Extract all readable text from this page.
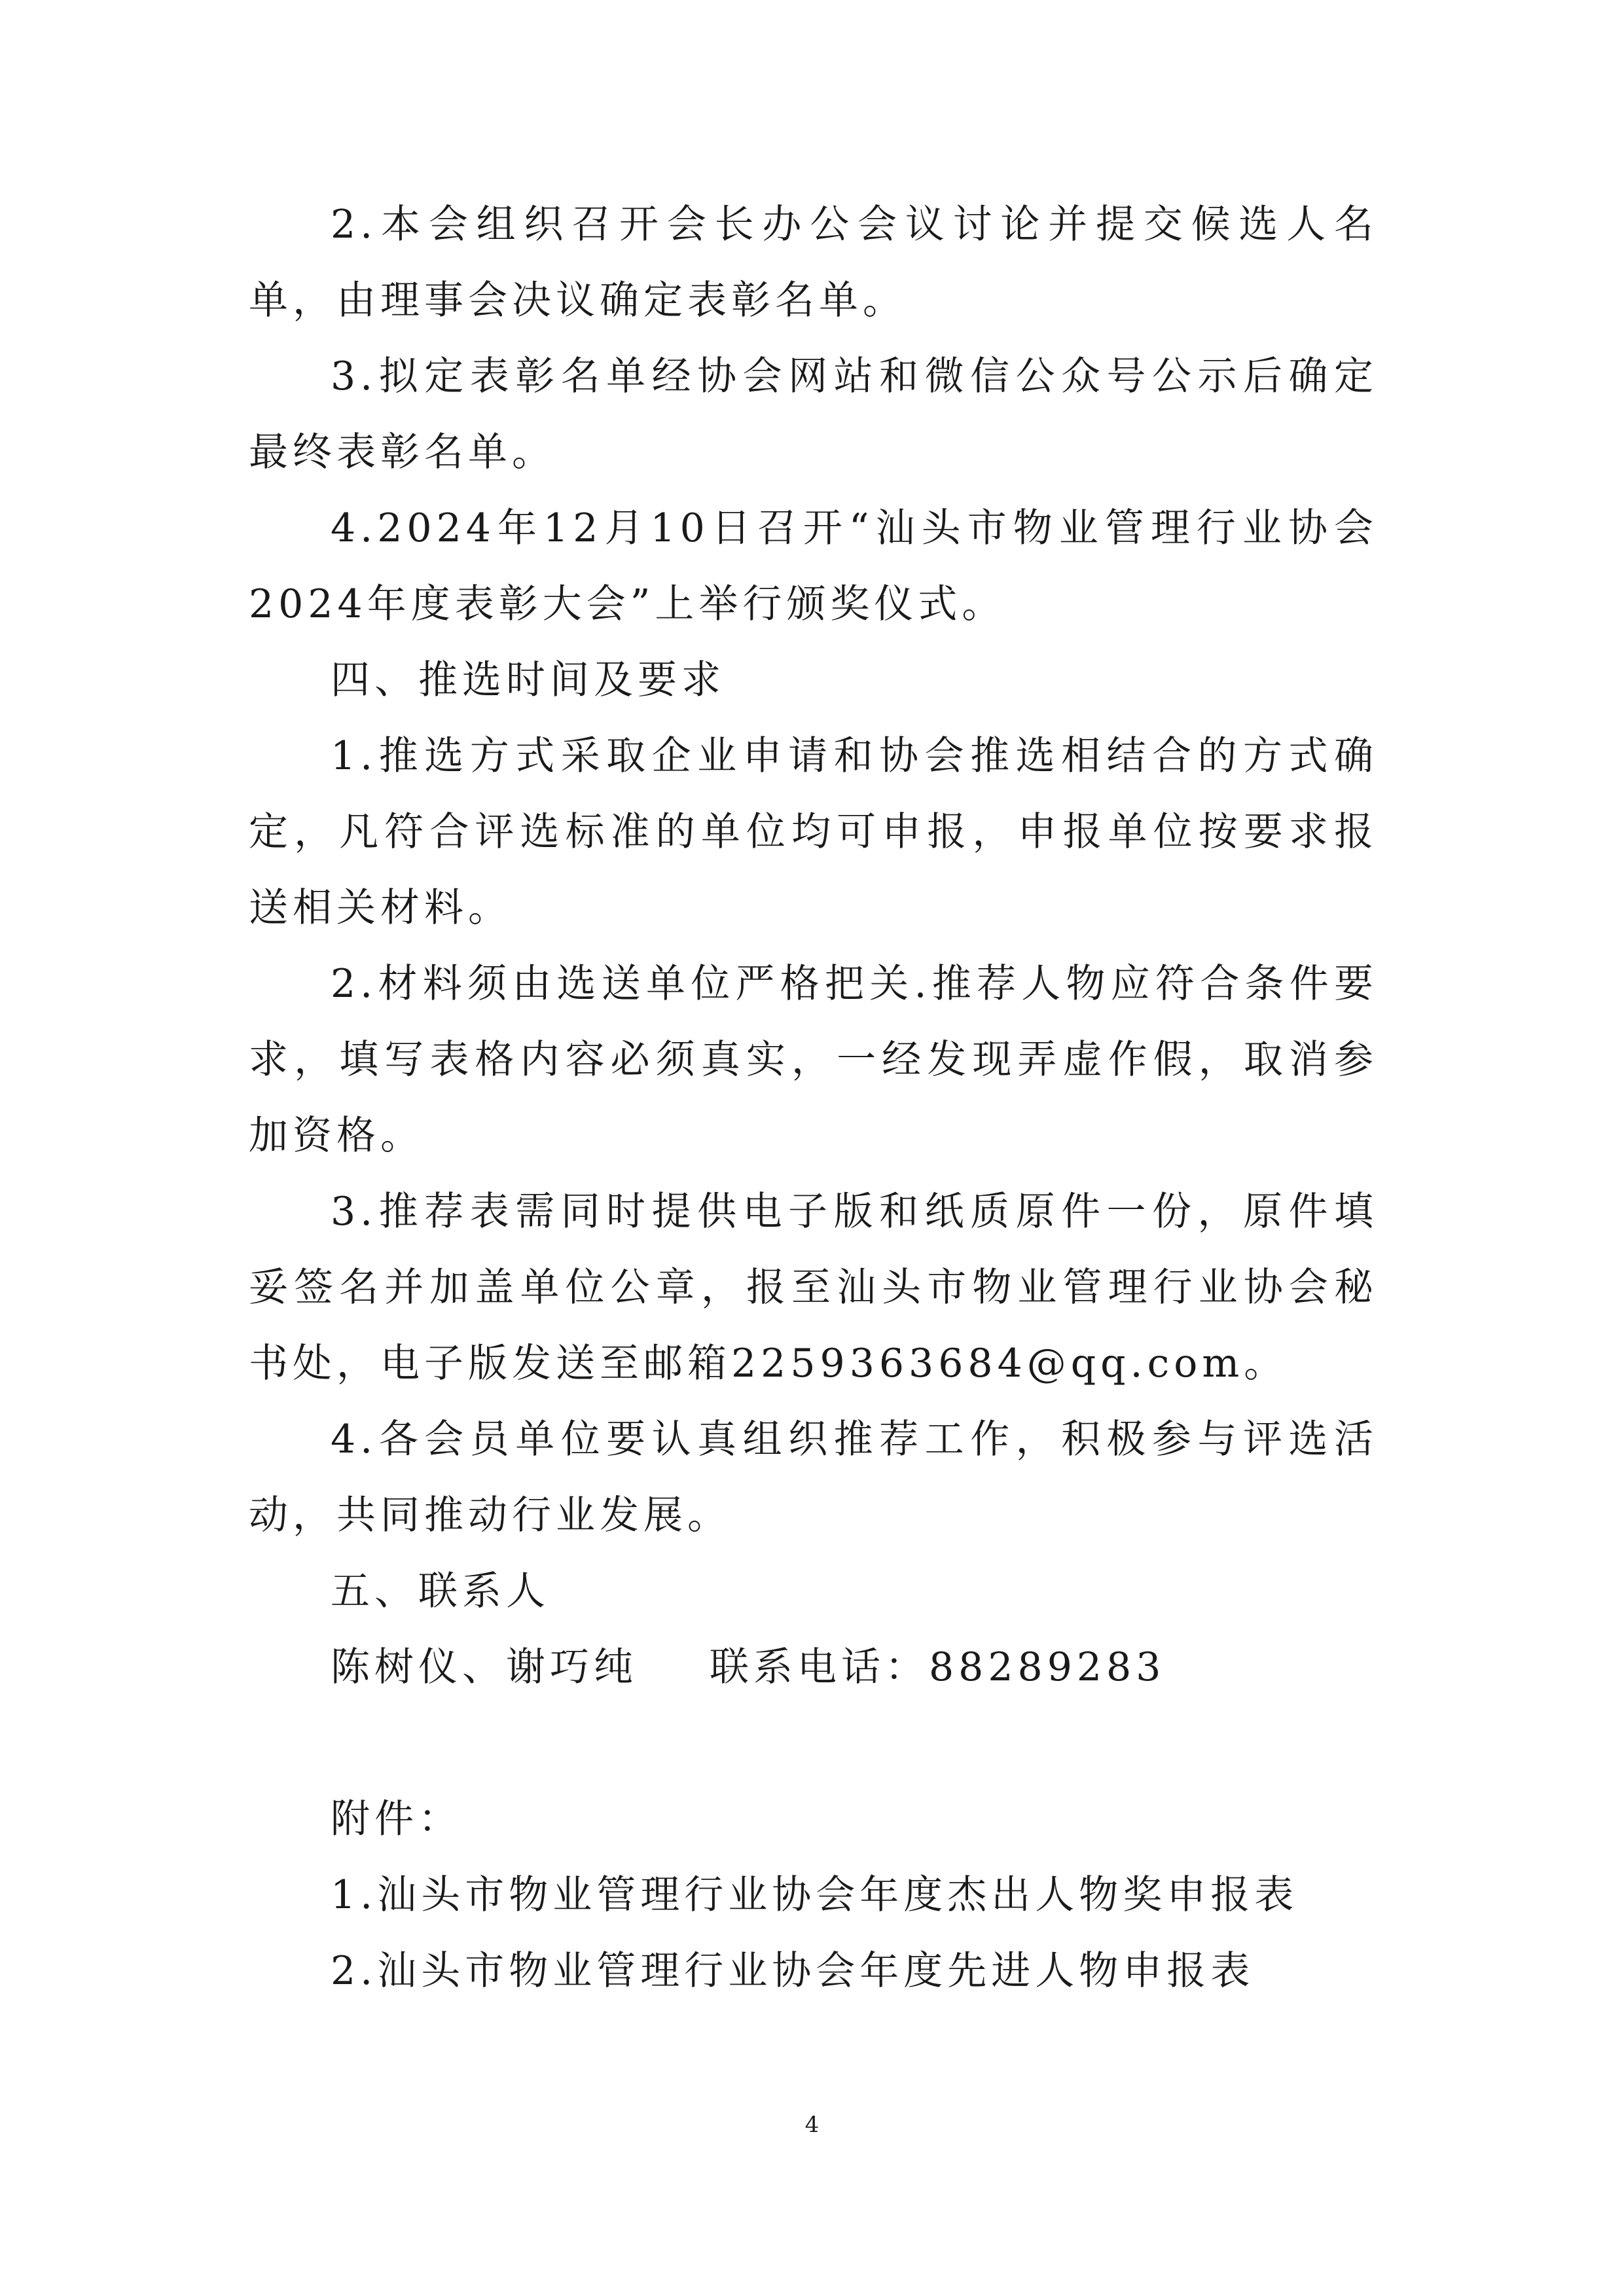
2.本会组织召开会长办公会议讨论并提交候选人名单，由理事会决议确定表彰名单。

3.拟定表彰名单经协会网站和微信公众号公示后确定最终表彰名单。

4.2024年12月10日召开“汕头市物业管理行业协会2024年度表彰大会”上举行颁奖仪式。

四、推选时间及要求

1.推选方式采取企业申请和协会推选相结合的方式确定，凡符合评选标准的单位均可申报，申报单位按要求报送相关材料。

2.材料须由选送单位严格把关.推荐人物应符合条件要求，填写表格内容必须真实，一经发现弄虚作假，取消参加资格。

3.推荐表需同时提供电子版和纸质原件一份，原件填妥签名并加盖单位公章，报至汕头市物业管理行业协会秘书处，电子版发送至邮箱2259363684@qq.com。

4.各会员单位要认真组织推荐工作，积极参与评选活动，共同推动行业发展。

五、联系人

陈树仪、谢巧纯 联系电话：88289283

附件：

1.汕头市物业管理行业协会年度杰出人物奖申报表

2.汕头市物业管理行业协会年度先进人物申报表

4
